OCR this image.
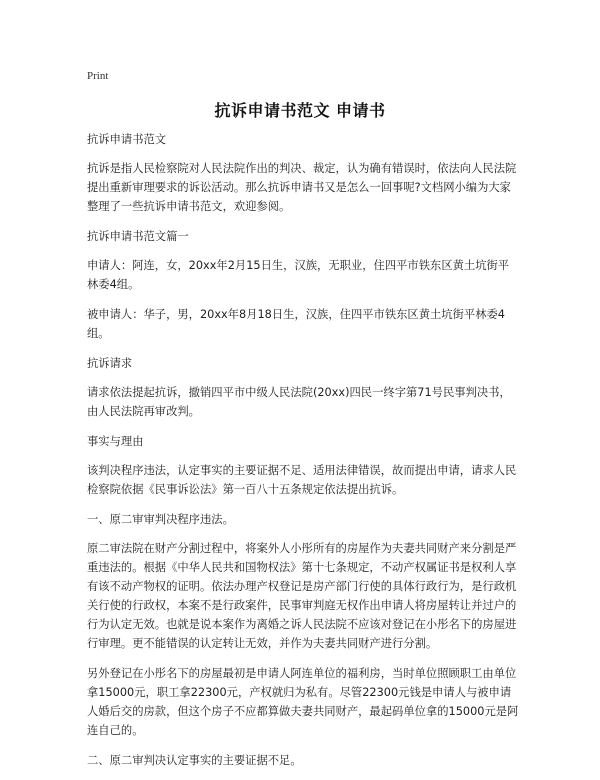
Print
抗诉申请书范文 申请书

抗诉申请书范文

抗诉是指人民检察院对人民法院作出的判决、裁定，认为确有错误时，依法向人民法院提出重新审理要求的诉讼活动。那么抗诉申请书又是怎么一回事呢?文档网小编为大家整理了一些抗诉申请书范文，欢迎参阅。

抗诉申请书范文篇一

申请人：阿连，女，20xx年2月15日生，汉族，无职业，住四平市铁东区黄土坑街平林委4组。

被申请人：华子，男，20xx年8月18日生，汉族，住四平市铁东区黄土坑街平林委4组。

抗诉请求

请求依法提起抗诉，撤销四平市中级人民法院(20xx)四民一终字第71号民事判决书，由人民法院再审改判。

事实与理由

该判决程序违法，认定事实的主要证据不足、适用法律错误，故而提出申请，请求人民检察院依据《民事诉讼法》第一百八十五条规定依法提出抗诉。

一、原二审审判决程序违法。

原二审法院在财产分割过程中，将案外人小彤所有的房屋作为夫妻共同财产来分割是严重违法的。根据《中华人民共和国物权法》第十七条规定，不动产权属证书是权利人享有该不动产物权的证明。依法办理产权登记是房产部门行使的具体行政行为，是行政机关行使的行政权，本案不是行政案件，民事审判庭无权作出申请人将房屋转让并过户的行为认定无效。也就是说本案作为离婚之诉人民法院不应该对登记在小彤名下的房屋进行审理。更不能错误的认定转让无效，并作为夫妻共同财产进行分割。

另外登记在小彤名下的房屋最初是申请人阿连单位的福利房，当时单位照顾职工由单位拿15000元，职工拿22300元，产权就归为私有。尽管22300元钱是申请人与被申请人婚后交的房款，但这个房子不应都算做夫妻共同财产，最起码单位拿的15000元是阿连自己的。

二、原二审判决认定事实的主要证据不足。
